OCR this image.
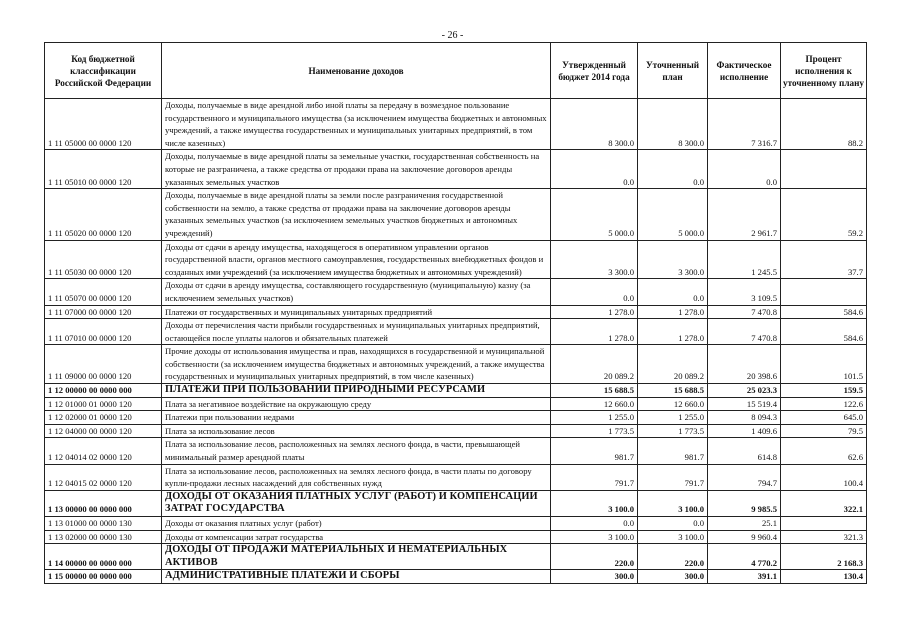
- 26 -
Код бюджетной классификации Российской Федерации	Наименование доходов	Утвержденный бюджет 2014 года	Уточненный план	Фактическое исполнение	Процент исполнения к уточненному плану
1 11 05000 00 0000 120	Доходы, получаемые в виде арендной либо иной платы за передачу в возмездное пользование государственного и муниципального имущества (за исключением имущества бюджетных и автономных учреждений, а также имущества государственных и муниципальных унитарных предприятий, в том числе казенных)	8 300.0	8 300.0	7 316.7	88.2
1 11 05010 00 0000 120	Доходы, получаемые в виде арендной платы за земельные участки, государственная собственность на которые не разграничена, а также средства от продажи права на заключение договоров аренды указанных земельных участков	0.0	0.0	0.0	
1 11 05020 00 0000 120	Доходы, получаемые в виде арендной платы за земли после разграничения государственной собственности на землю, а также средства от продажи права на заключение договоров аренды указанных земельных участков (за исключением земельных участков бюджетных и автономных учреждений)	5 000.0	5 000.0	2 961.7	59.2
1 11 05030 00 0000 120	Доходы от сдачи в аренду имущества, находящегося в оперативном управлении органов государственной власти, органов местного самоуправления, государственных внебюджетных фондов и созданных ими учреждений (за исключением имущества бюджетных и автономных учреждений)	3 300.0	3 300.0	1 245.5	37.7
1 11 05070 00 0000 120	Доходы от сдачи в аренду имущества, составляющего государственную (муниципальную) казну (за исключением земельных участков)	0.0	0.0	3 109.5	
1 11 07000 00 0000 120	Платежи от государственных и муниципальных унитарных предприятий	1 278.0	1 278.0	7 470.8	584.6
1 11 07010 00 0000 120	Доходы от перечисления части прибыли государственных и муниципальных унитарных предприятий, остающейся после уплаты налогов и обязательных платежей	1 278.0	1 278.0	7 470.8	584.6
1 11 09000 00 0000 120	Прочие доходы от использования имущества и прав, находящихся в государственной и муниципальной собственности (за исключением имущества бюджетных и автономных учреждений, а также имущества государственных и муниципальных унитарных предприятий, в том числе казенных)	20 089.2	20 089.2	20 398.6	101.5
1 12 00000 00 0000 000	ПЛАТЕЖИ ПРИ ПОЛЬЗОВАНИИ ПРИРОДНЫМИ РЕСУРСАМИ	15 688.5	15 688.5	25 023.3	159.5
1 12 01000 01 0000 120	Плата за негативное воздействие на окружающую среду	12 660.0	12 660.0	15 519.4	122.6
1 12 02000 01 0000 120	Платежи при пользовании недрами	1 255.0	1 255.0	8 094.3	645.0
1 12 04000 00 0000 120	Плата за использование лесов	1 773.5	1 773.5	1 409.6	79.5
1 12 04014 02 0000 120	Плата за использование лесов, расположенных на землях лесного фонда, в части, превышающей минимальный размер арендной платы	981.7	981.7	614.8	62.6
1 12 04015 02 0000 120	Плата за использование лесов, расположенных на землях лесного фонда, в части платы по договору купли-продажи лесных насаждений для собственных нужд	791.7	791.7	794.7	100.4
1 13 00000 00 0000 000	ДОХОДЫ ОТ ОКАЗАНИЯ ПЛАТНЫХ УСЛУГ (РАБОТ) И КОМПЕНСАЦИИ ЗАТРАТ ГОСУДАРСТВА	3 100.0	3 100.0	9 985.5	322.1
1 13 01000 00 0000 130	Доходы от оказания платных услуг (работ)	0.0	0.0	25.1	
1 13 02000 00 0000 130	Доходы от компенсации затрат государства	3 100.0	3 100.0	9 960.4	321.3
1 14 00000 00 0000 000	ДОХОДЫ ОТ ПРОДАЖИ МАТЕРИАЛЬНЫХ И НЕМАТЕРИАЛЬНЫХ АКТИВОВ	220.0	220.0	4 770.2	2 168.3
1 15 00000 00 0000 000	АДМИНИСТРАТИВНЫЕ ПЛАТЕЖИ И СБОРЫ	300.0	300.0	391.1	130.4
